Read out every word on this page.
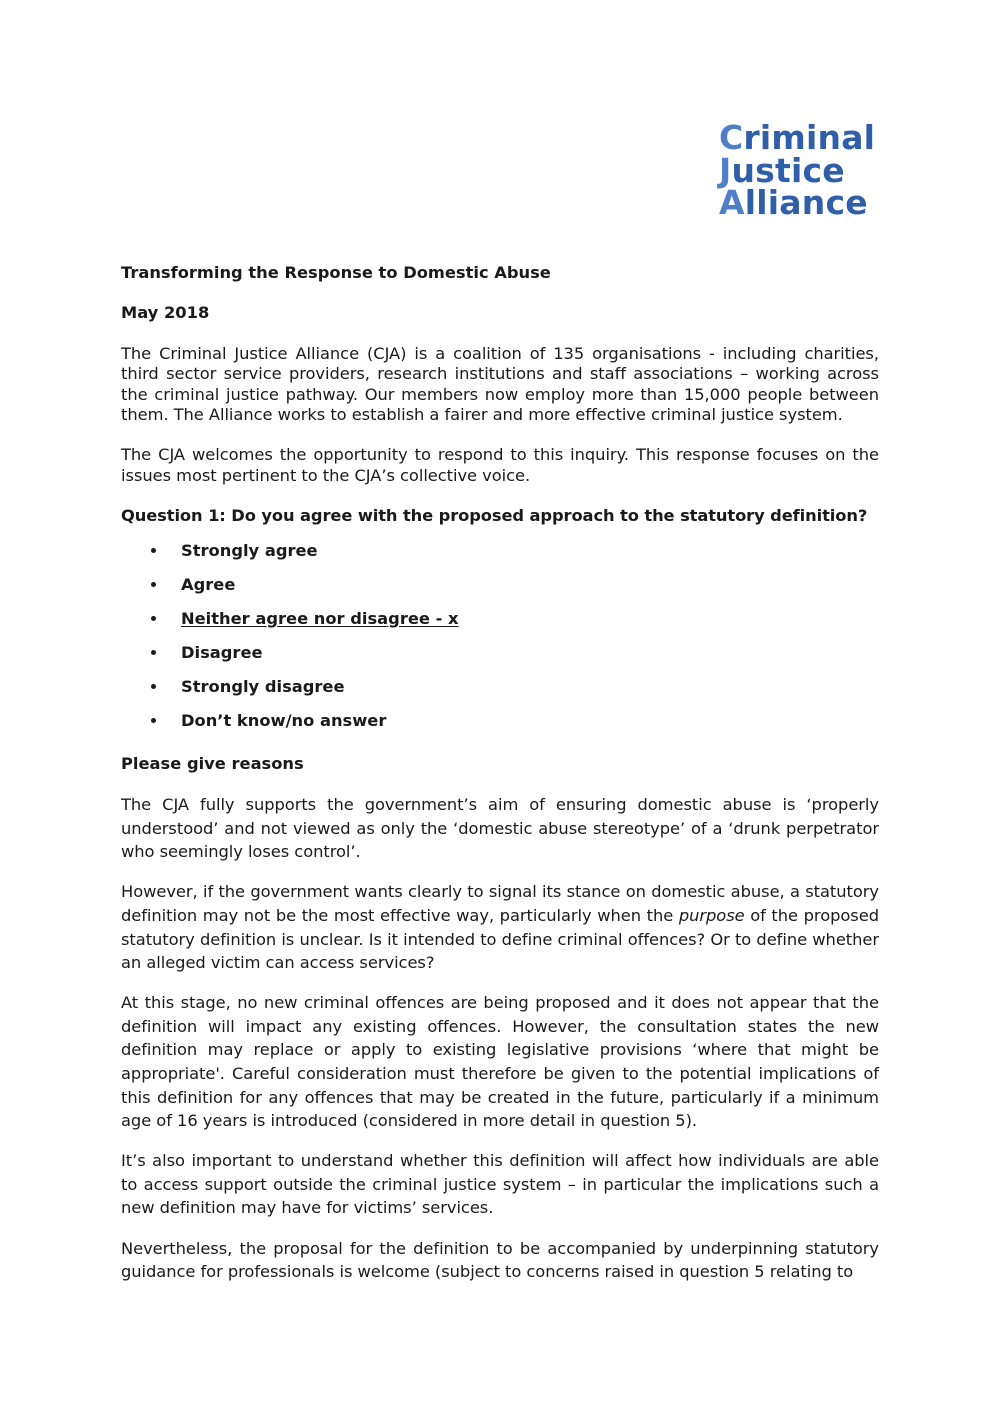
Criminal
Justice
Alliance
Transforming the Response to Domestic Abuse
May 2018

The Criminal Justice Alliance (CJA) is a coalition of 135 organisations - including charities, third sector service providers, research institutions and staff associations – working across the criminal justice pathway. Our members now employ more than 15,000 people between them. The Alliance works to establish a fairer and more effective criminal justice system.

The CJA welcomes the opportunity to respond to this inquiry. This response focuses on the issues most pertinent to the CJA’s collective voice.

Question 1: Do you agree with the proposed approach to the statutory definition?
Strongly agree
Agree
Neither agree nor disagree - x
Disagree
Strongly disagree
Don’t know/no answer
Please give reasons

The CJA fully supports the government’s aim of ensuring domestic abuse is ‘properly understood’ and not viewed as only the ‘domestic abuse stereotype’ of a ‘drunk perpetrator who seemingly loses control’.

However, if the government wants clearly to signal its stance on domestic abuse, a statutory definition may not be the most effective way, particularly when the purpose of the proposed statutory definition is unclear. Is it intended to define criminal offences? Or to define whether an alleged victim can access services?

At this stage, no new criminal offences are being proposed and it does not appear that the definition will impact any existing offences. However, the consultation states the new definition may replace or apply to existing legislative provisions ‘where that might be appropriate'. Careful consideration must therefore be given to the potential implications of this definition for any offences that may be created in the future, particularly if a minimum age of 16 years is introduced (considered in more detail in question 5).

It’s also important to understand whether this definition will affect how individuals are able to access support outside the criminal justice system – in particular the implications such a new definition may have for victims’ services.

Nevertheless, the proposal for the definition to be accompanied by underpinning statutory guidance for professionals is welcome (subject to concerns raised in question 5 relating to
